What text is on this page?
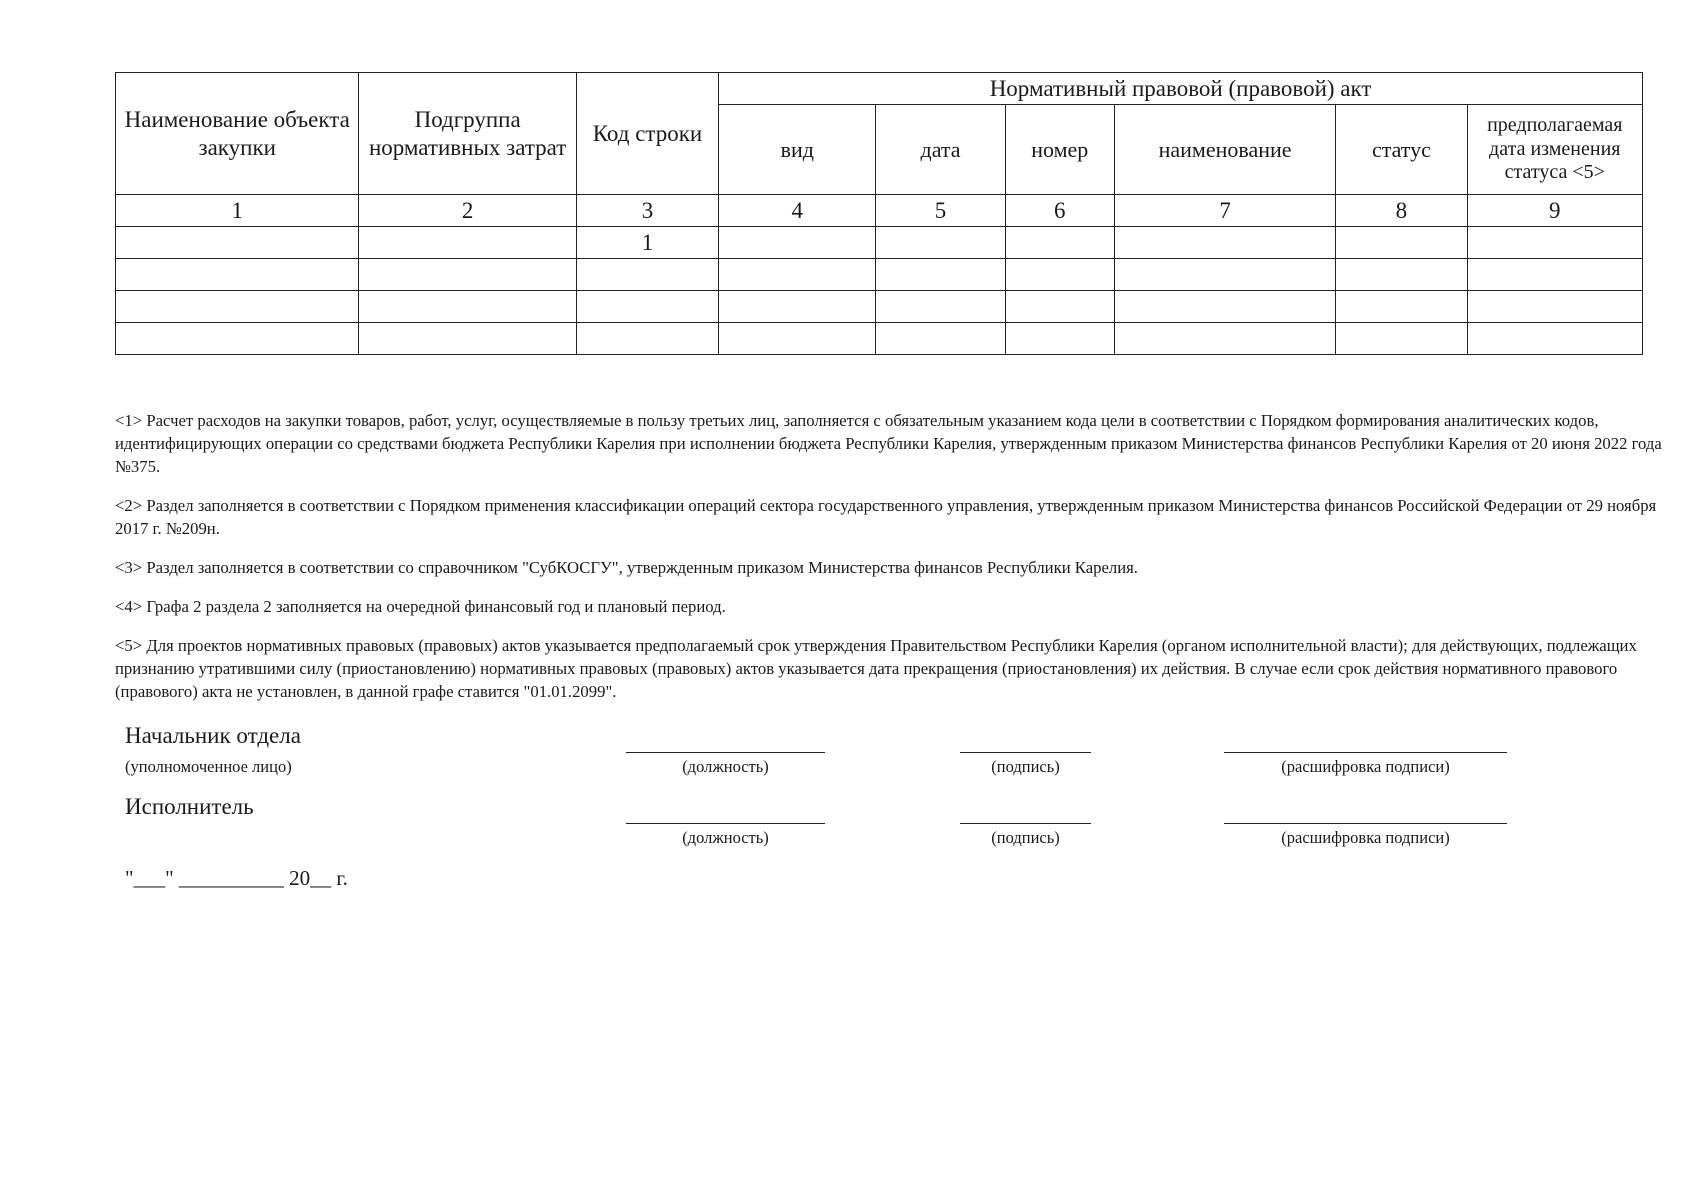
Наименование объекта закупки	Подгруппа нормативных затрат	Код строки	Нормативный правовой (правовой) акт					
			вид	дата	номер	наименование	статус	предполагаемая дата изменения статуса <5>
1	2	3	4	5	6	7	8	9
		1						

<1> Расчет расходов на закупки товаров, работ, услуг, осуществляемые в пользу третьих лиц, заполняется с обязательным указанием кода цели в соответствии с Порядком формирования аналитических кодов, идентифицирующих операции со средствами бюджета Республики Карелия при исполнении бюджета Республики Карелия, утвержденным приказом Министерства финансов Республики Карелия от 20 июня 2022 года №375.

<2> Раздел заполняется в соответствии с Порядком применения классификации операций сектора государственного управления, утвержденным приказом Министерства финансов Российской Федерации от 29 ноября 2017 г. №209н.

<3> Раздел заполняется в соответствии со справочником "СубКОСГУ", утвержденным приказом Министерства финансов Республики Карелия.

<4> Графа 2 раздела 2 заполняется на очередной финансовый год и плановый период.

<5> Для проектов нормативных правовых (правовых) актов указывается предполагаемый срок утверждения Правительством Республики Карелия (органом исполнительной власти); для действующих, подлежащих признанию утратившими силу (приостановлению) нормативных правовых (правовых) актов указывается дата прекращения (приостановления) их действия. В случае если срок действия нормативного правового (правового) акта не установлен, в данной графе ставится "01.01.2099".

Начальник отдела
(уполномоченное лицо)	(должность)	(подпись)	(расшифровка подписи)
Исполнитель
(должность)	(подпись)	(расшифровка подписи)
"___" __________ 20__ г.
